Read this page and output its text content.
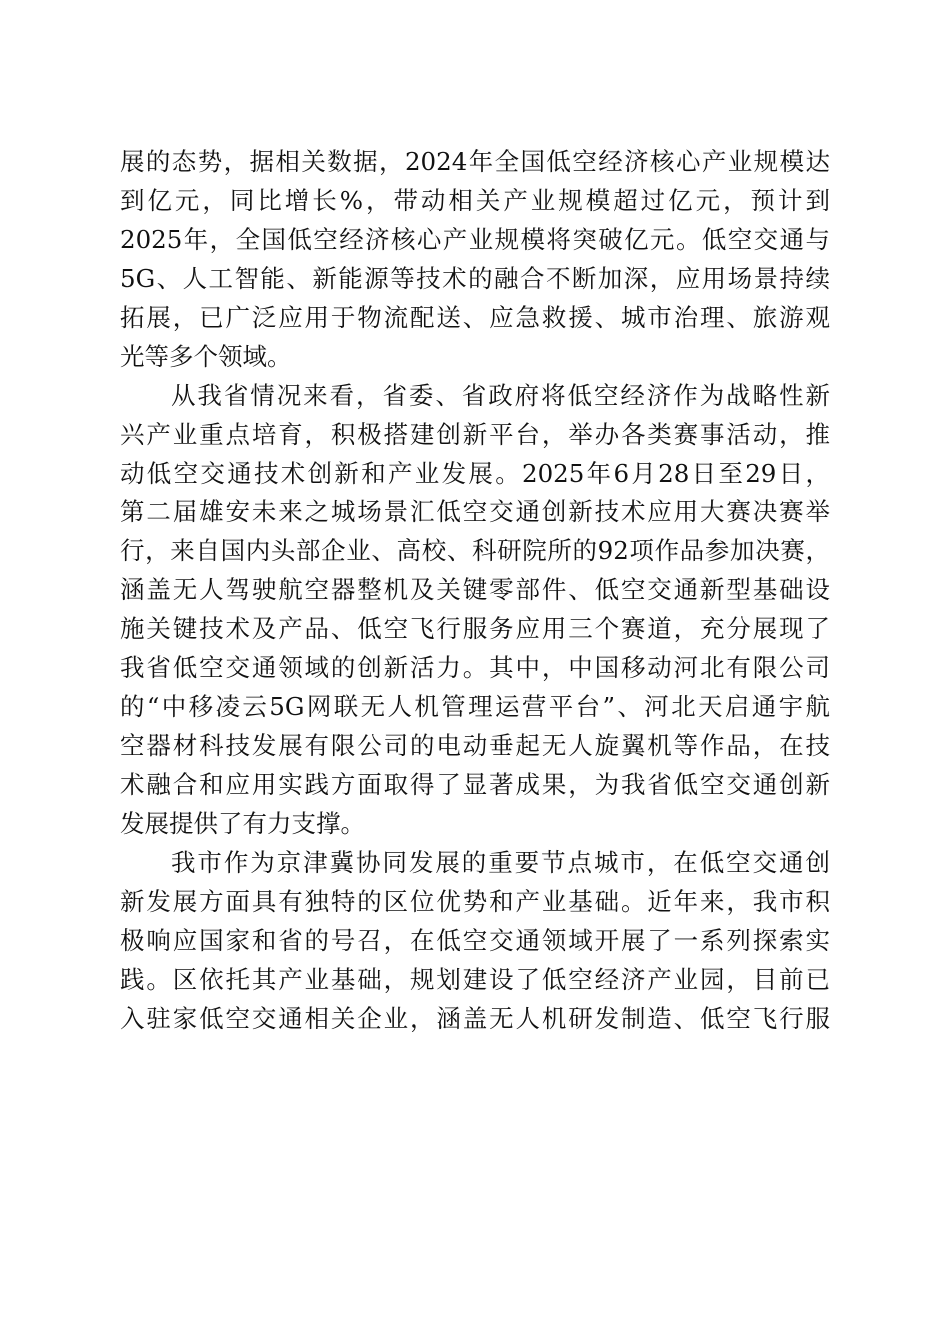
展的态势，据相关数据，2024年全国低空经济核心产业规模达
到亿元，同比增长%，带动相关产业规模超过亿元，预计到
2025年，全国低空经济核心产业规模将突破亿元。低空交通与
5G、人工智能、新能源等技术的融合不断加深，应用场景持续
拓展，已广泛应用于物流配送、应急救援、城市治理、旅游观
光等多个领域。
从我省情况来看，省委、省政府将低空经济作为战略性新
兴产业重点培育，积极搭建创新平台，举办各类赛事活动，推
动低空交通技术创新和产业发展。2025年6月28日至29日，
第二届雄安未来之城场景汇低空交通创新技术应用大赛决赛举
行，来自国内头部企业、高校、科研院所的92项作品参加决赛，
涵盖无人驾驶航空器整机及关键零部件、低空交通新型基础设
施关键技术及产品、低空飞行服务应用三个赛道，充分展现了
我省低空交通领域的创新活力。其中，中国移动河北有限公司
的“中移凌云5G网联无人机管理运营平台”、河北天启通宇航
空器材科技发展有限公司的电动垂起无人旋翼机等作品，在技
术融合和应用实践方面取得了显著成果，为我省低空交通创新
发展提供了有力支撑。
我市作为京津冀协同发展的重要节点城市，在低空交通创
新发展方面具有独特的区位优势和产业基础。近年来，我市积
极响应国家和省的号召，在低空交通领域开展了一系列探索实
践。区依托其产业基础，规划建设了低空经济产业园，目前已
入驻家低空交通相关企业，涵盖无人机研发制造、低空飞行服
